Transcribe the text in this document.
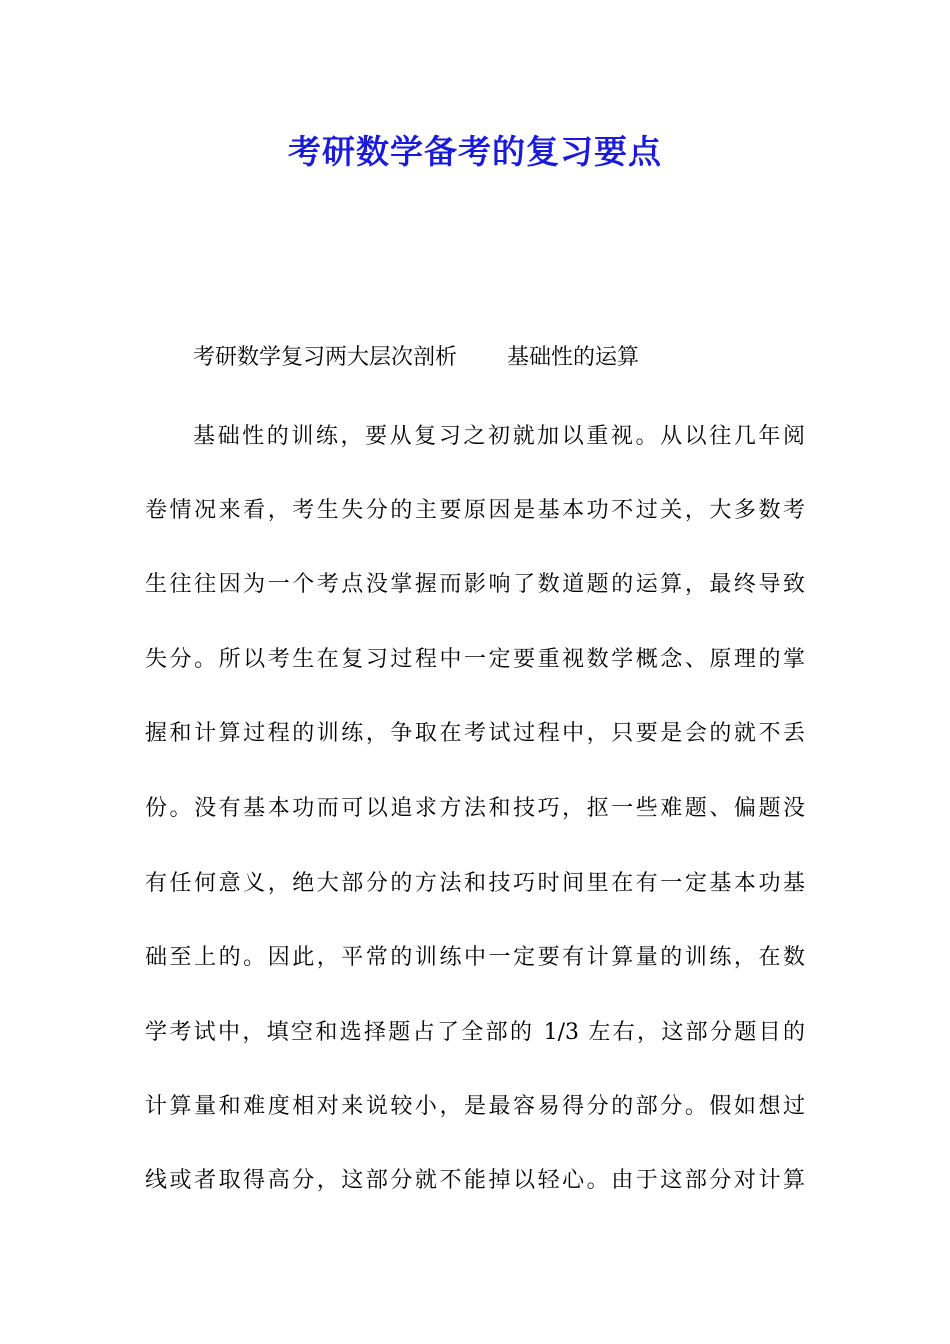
考研数学备考的复习要点
考研数学复习两大层次剖析 基础性的运算
基础性的训练，要从复习之初就加以重视。从以往几年阅
卷情况来看，考生失分的主要原因是基本功不过关，大多数考
生往往因为一个考点没掌握而影响了数道题的运算，最终导致
失分。所以考生在复习过程中一定要重视数学概念、原理的掌
握和计算过程的训练，争取在考试过程中，只要是会的就不丢
份。没有基本功而可以追求方法和技巧，抠一些难题、偏题没
有任何意义，绝大部分的方法和技巧时间里在有一定基本功基
础至上的。因此，平常的训练中一定要有计算量的训练，在数
学考试中，填空和选择题占了全部的 1/3 左右，这部分题目的
计算量和难度相对来说较小，是最容易得分的部分。假如想过
线或者取得高分，这部分就不能掉以轻心。由于这部分对计算
